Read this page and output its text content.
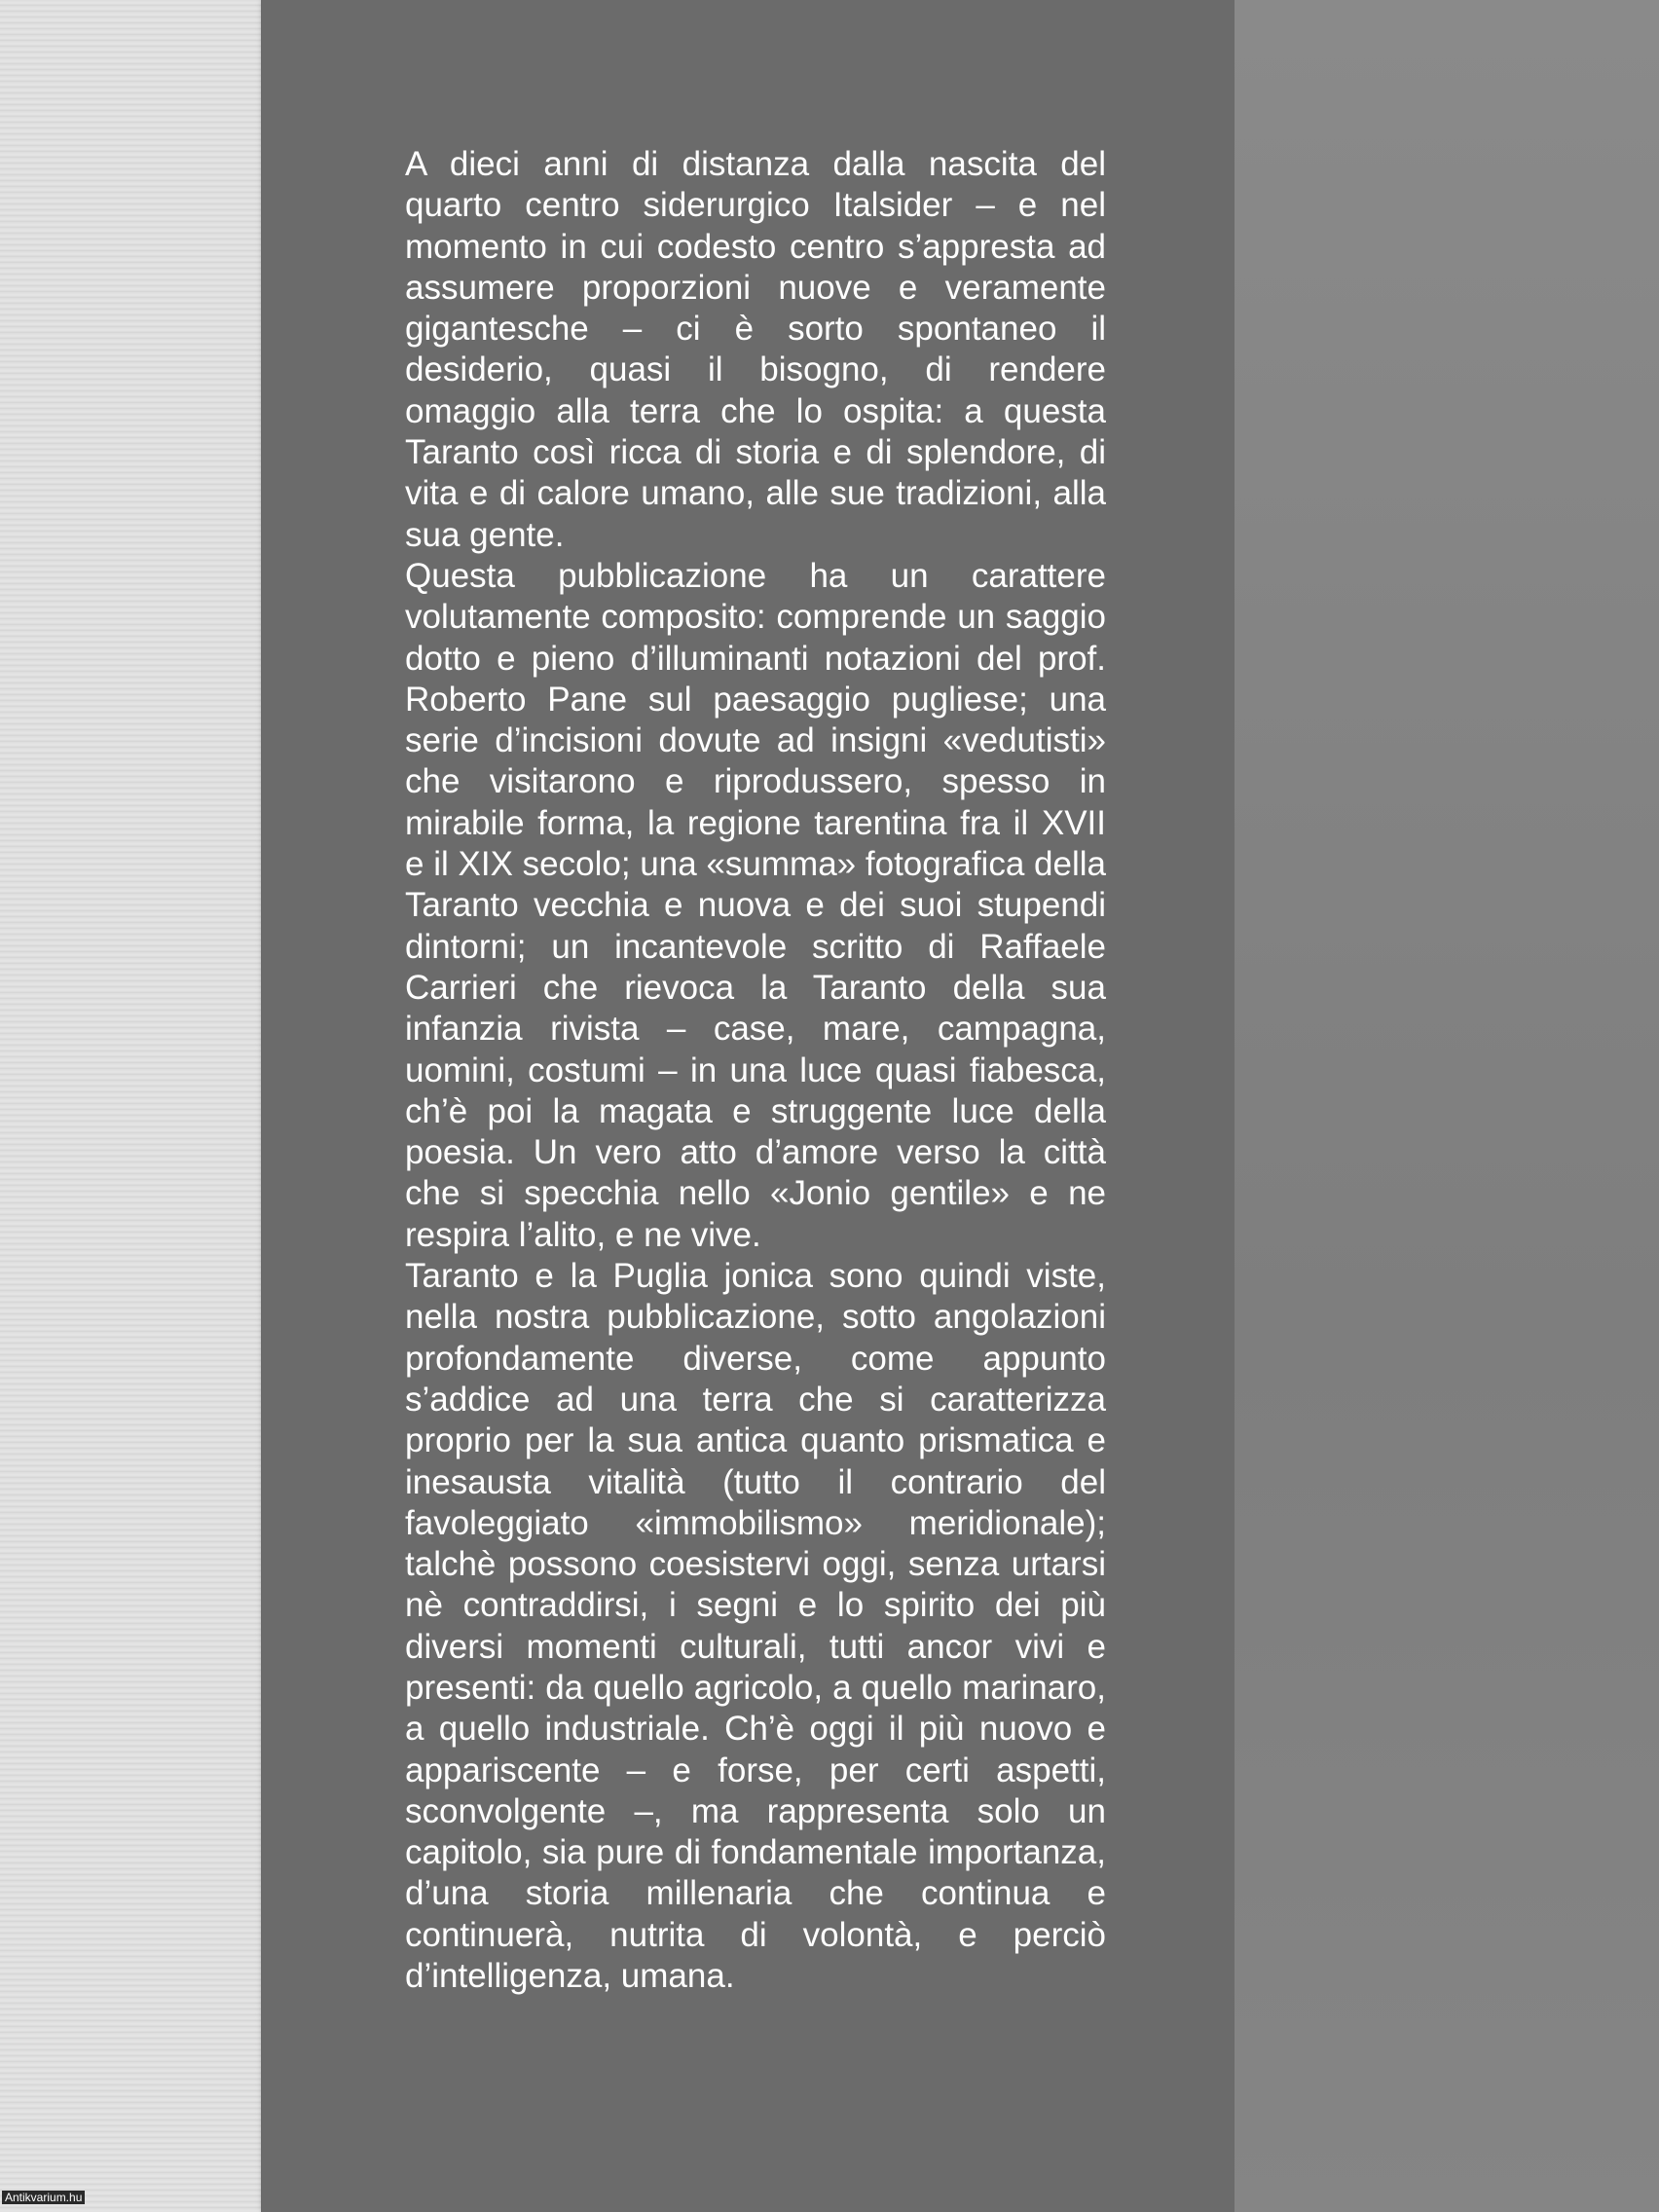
A dieci anni di distanza dalla nascita del quarto centro siderurgico Italsider – e nel momento in cui codesto centro s’appresta ad assumere proporzioni nuove e veramente gigantesche – ci è sorto spontaneo il desiderio, quasi il bisogno, di rendere omaggio alla terra che lo ospita: a questa Taranto così ricca di storia e di splendore, di vita e di calore umano, alle sue tradizioni, alla sua gente.

Questa pubblicazione ha un carattere volutamente composito: comprende un saggio dotto e pieno d’illuminanti notazioni del prof. Roberto Pane sul paesaggio pugliese; una serie d’incisioni dovute ad insigni «vedutisti» che visitarono e riprodussero, spesso in mirabile forma, la regione tarentina fra il XVII e il XIX secolo; una «summa» fotografica della Taranto vecchia e nuova e dei suoi stupendi dintorni; un incantevole scritto di Raffaele Carrieri che rievoca la Taranto della sua infanzia rivista – case, mare, campagna, uomini, costumi – in una luce quasi fiabesca, ch’è poi la magata e struggente luce della poesia. Un vero atto d’amore verso la città che si specchia nello «Jonio gentile» e ne respira l’alito, e ne vive.

Taranto e la Puglia jonica sono quindi viste, nella nostra pubblicazione, sotto angolazioni profondamente diverse, come appunto s’addice ad una terra che si caratterizza proprio per la sua antica quanto prismatica e inesausta vitalità (tutto il contrario del favoleggiato «immobilismo» meridionale); talchè possono coesistervi oggi, senza urtarsi nè contraddirsi, i segni e lo spirito dei più diversi momenti culturali, tutti ancor vivi e presenti: da quello agricolo, a quello marinaro, a quello industriale. Ch’è oggi il più nuovo e appariscente – e forse, per certi aspetti, sconvolgente –, ma rappresenta solo un capitolo, sia pure di fondamentale importanza, d’una storia millenaria che continua e continuerà, nutrita di volontà, e perciò d’intelligenza, umana.

Antikvarium.hu
